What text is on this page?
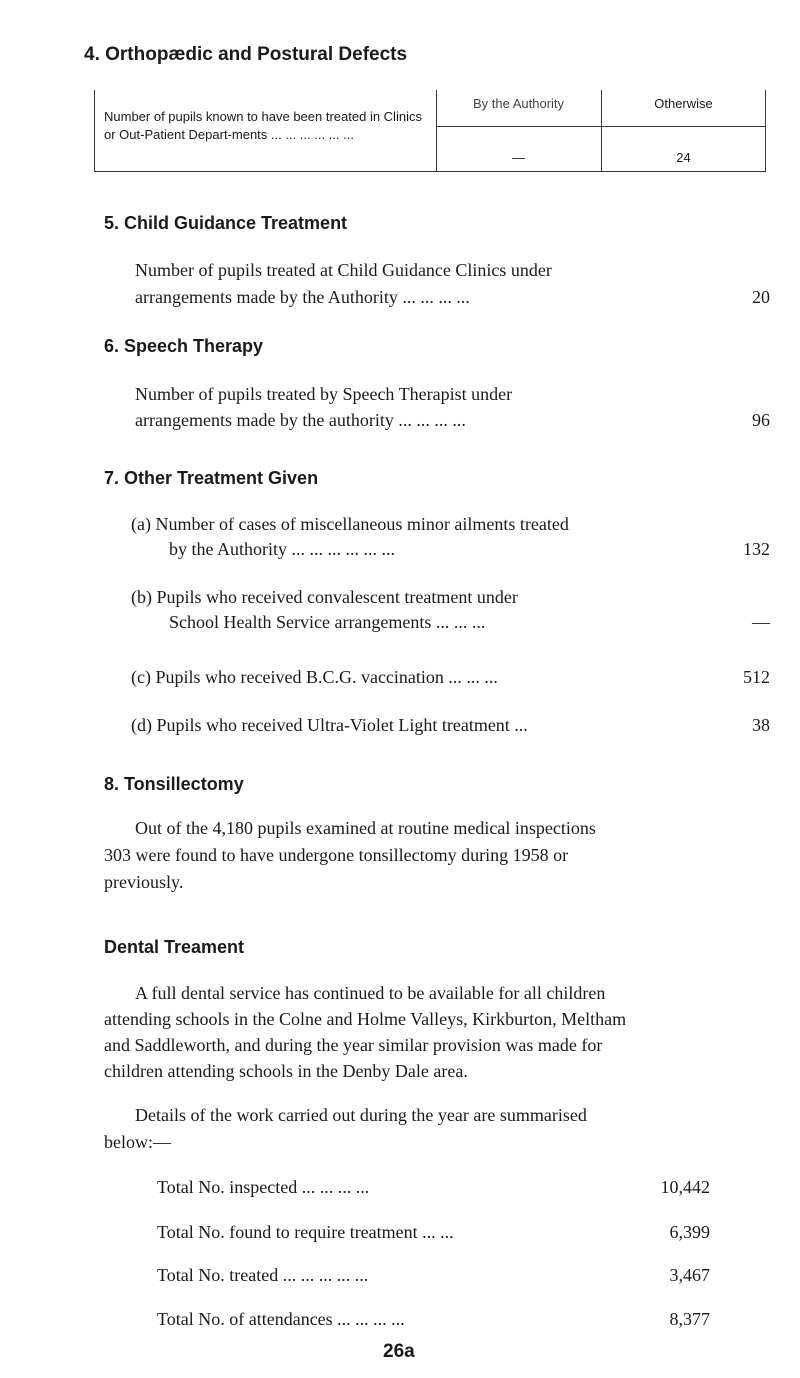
4. Orthopædic and Postural Defects
Number of pupils known to have been treated in Clinics or Out-Patient Depart-ments ... ... ... ... ... ...
By the Authority	Otherwise
—	24
5. Child Guidance Treatment
Number of pupils treated at Child Guidance Clinics under
arrangements made by the Authority ... ... ... ...	20
6. Speech Therapy
Number of pupils treated by Speech Therapist under
arrangements made by the authority ... ... ... ...	96
7. Other Treatment Given
(a) Number of cases of miscellaneous minor ailments treated
by the Authority ... ... ... ... ... ...	132
(b) Pupils who received convalescent treatment under
School Health Service arrangements ... ... ...	—
(c) Pupils who received B.C.G. vaccination ... ... ...	512
(d) Pupils who received Ultra-Violet Light treatment ...	38
8. Tonsillectomy
Out of the 4,180 pupils examined at routine medical inspections
303 were found to have undergone tonsillectomy during 1958 or
previously.
Dental Treament
A full dental service has continued to be available for all children
attending schools in the Colne and Holme Valleys, Kirkburton, Meltham
and Saddleworth, and during the year similar provision was made for
children attending schools in the Denby Dale area.
Details of the work carried out during the year are summarised
below:—
Total No. inspected ... ... ... ...	10,442
Total No. found to require treatment ... ...	6,399
Total No. treated ... ... ... ... ...	3,467
Total No. of attendances ... ... ... ...	8,377
26a
